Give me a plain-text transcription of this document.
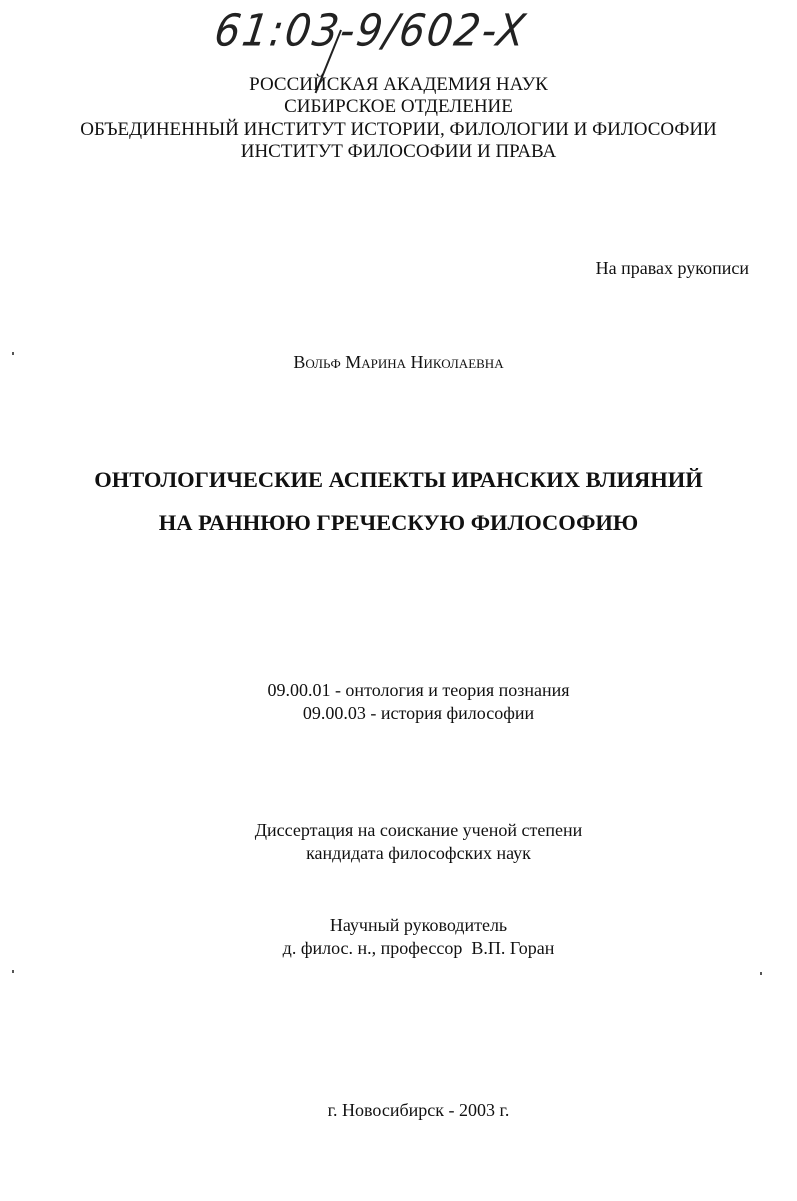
61:03-9/602-X
РОССИЙСКАЯ АКАДЕМИЯ НАУК
СИБИРСКОЕ ОТДЕЛЕНИЕ
ОБЪЕДИНЕННЫЙ ИНСТИТУТ ИСТОРИИ, ФИЛОЛОГИИ И ФИЛОСОФИИ
ИНСТИТУТ ФИЛОСОФИИ И ПРАВА
На правах рукописи
Вольф Марина Николаевна
ОНТОЛОГИЧЕСКИЕ АСПЕКТЫ ИРАНСКИХ ВЛИЯНИЙ
НА РАННЮЮ ГРЕЧЕСКУЮ ФИЛОСОФИЮ
09.00.01 - онтология и теория познания
09.00.03 - история философии
Диссертация на соискание ученой степени
кандидата философских наук
Научный руководитель
д. филос. н., профессор  В.П. Горан
г. Новосибирск - 2003 г.
